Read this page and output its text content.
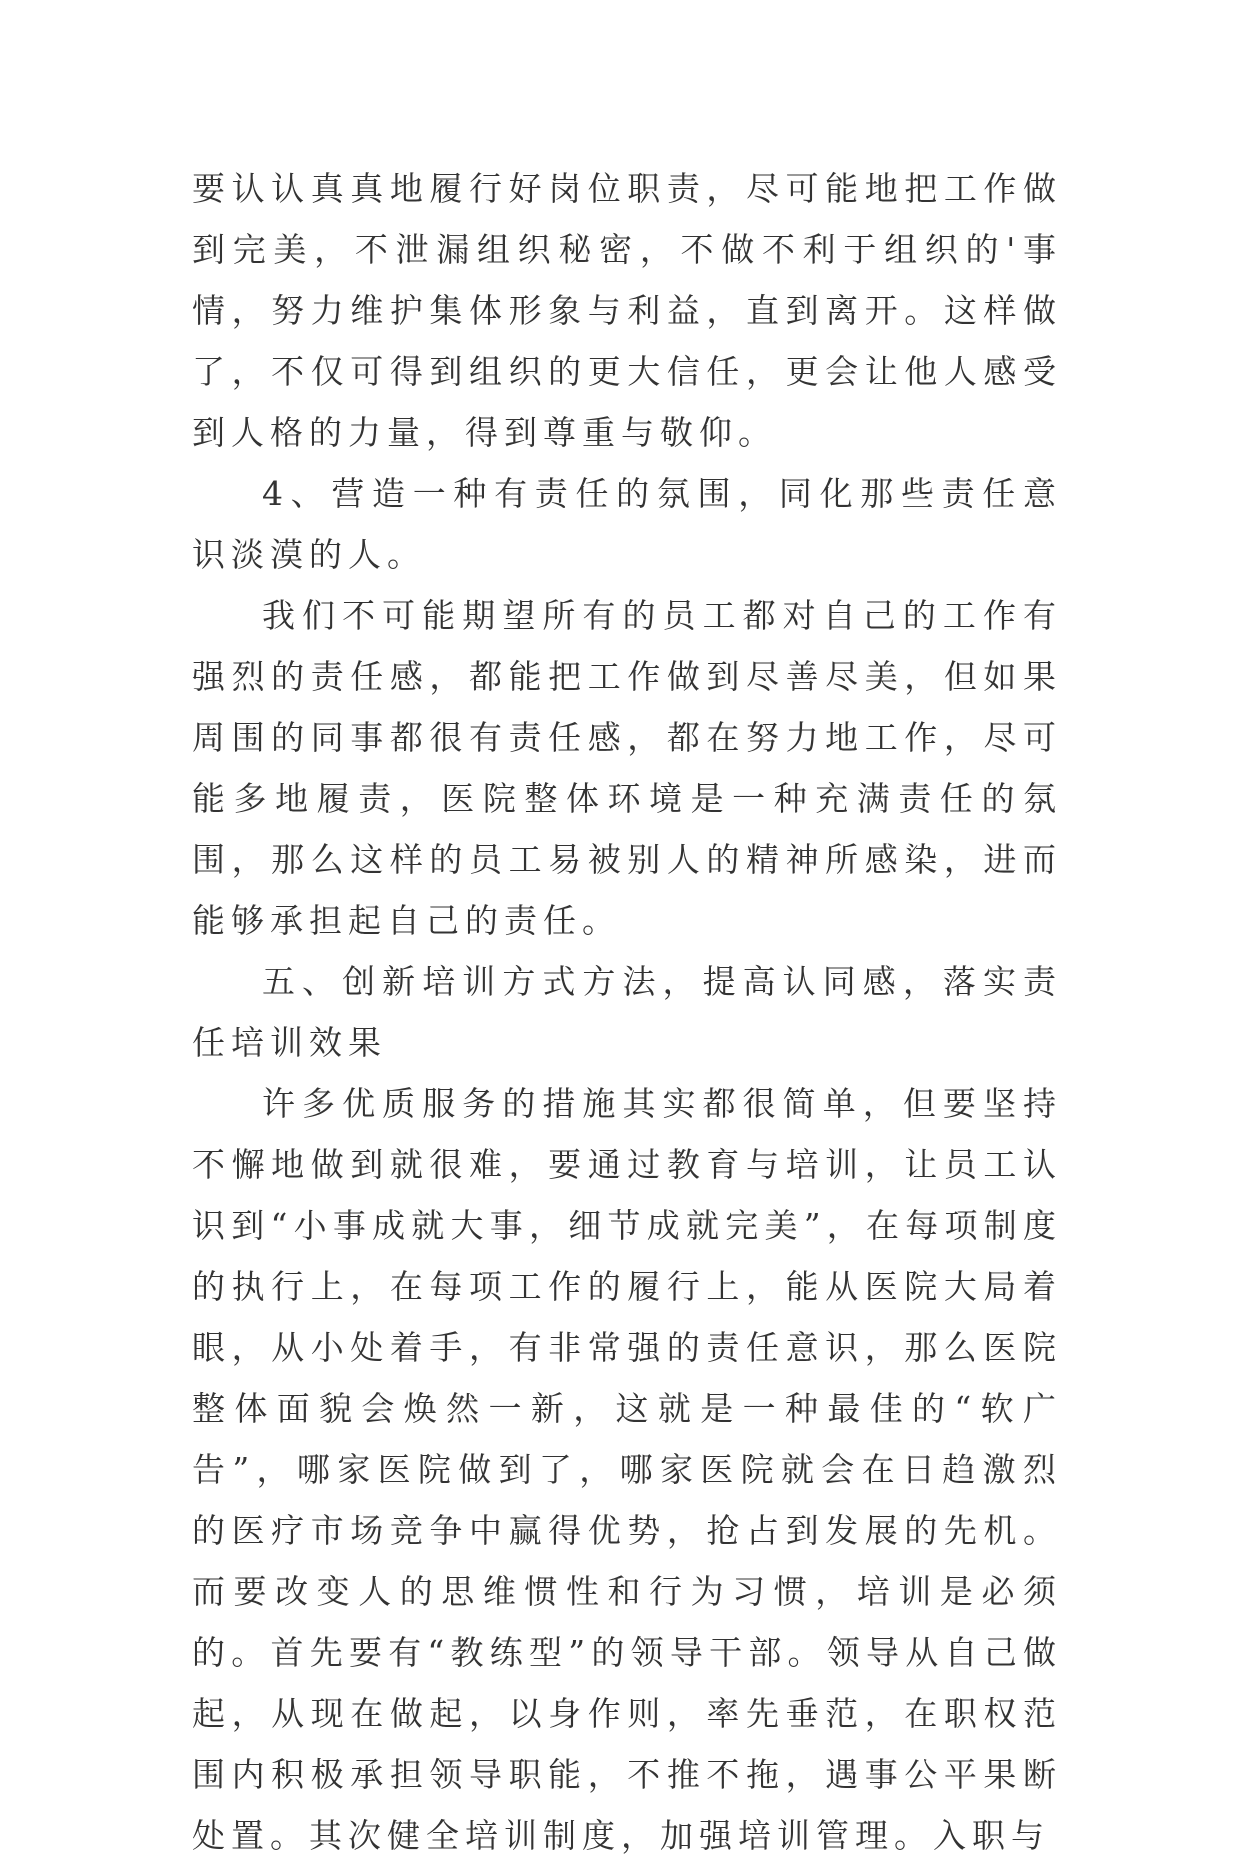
要认认真真地履行好岗位职责，尽可能地把工作做到完美，不泄漏组织秘密，不做不利于组织的'事情，努力维护集体形象与利益，直到离开。这样做了，不仅可得到组织的更大信任，更会让他人感受到人格的力量，得到尊重与敬仰。

4、营造一种有责任的氛围，同化那些责任意识淡漠的人。

我们不可能期望所有的员工都对自己的工作有强烈的责任感，都能把工作做到尽善尽美，但如果周围的同事都很有责任感，都在努力地工作，尽可能多地履责，医院整体环境是一种充满责任的氛围，那么这样的员工易被别人的精神所感染，进而能够承担起自己的责任。

五、创新培训方式方法，提高认同感，落实责任培训效果

许多优质服务的措施其实都很简单，但要坚持不懈地做到就很难，要通过教育与培训，让员工认识到“小事成就大事，细节成就完美”，在每项制度的执行上，在每项工作的履行上，能从医院大局着眼，从小处着手，有非常强的责任意识，那么医院整体面貌会焕然一新，这就是一种最佳的“软广告”，哪家医院做到了，哪家医院就会在日趋激烈的医疗市场竞争中赢得优势，抢占到发展的先机。而要改变人的思维惯性和行为习惯，培训是必须的。首先要有“教练型”的领导干部。领导从自己做起，从现在做起，以身作则，率先垂范，在职权范围内积极承担领导职能，不推不拖，遇事公平果断处置。其次健全培训制度，加强培训管理。入职与
